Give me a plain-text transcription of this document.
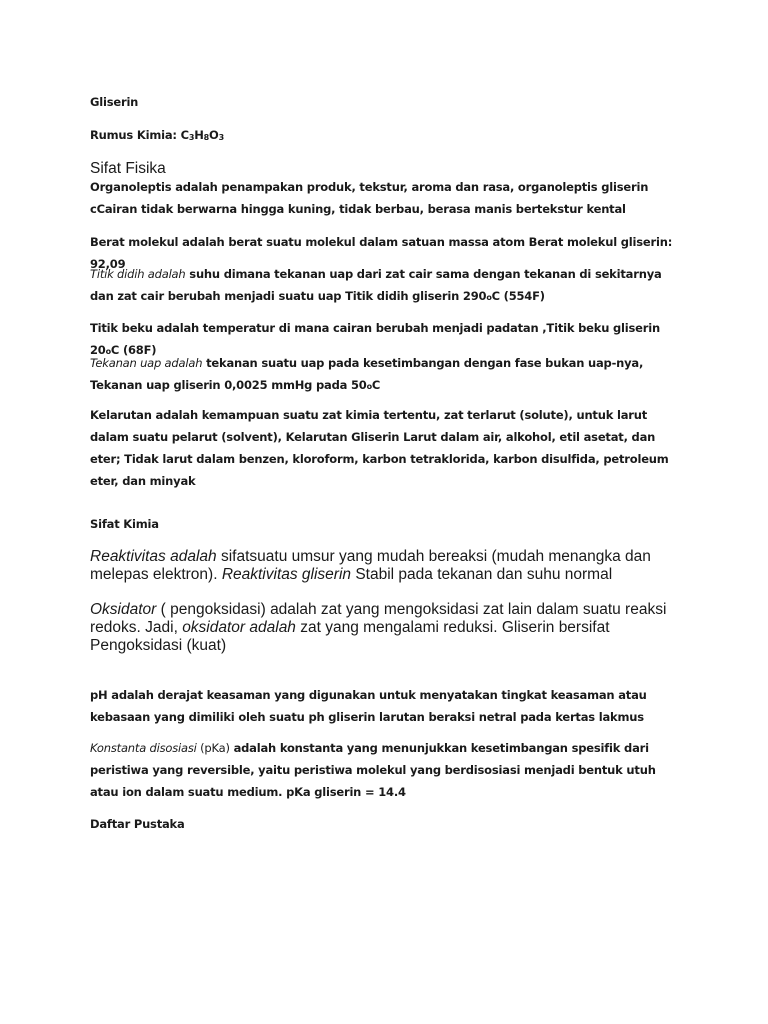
Gliserin

Rumus Kimia: $C_3H_8O_3$

Sifat Fisika

Organoleptis adalah penampakan produk, tekstur, aroma dan rasa, organoleptis gliserin cCairan tidak berwarna hingga kuning, tidak berbau, berasa manis bertekstur kental

Berat molekul adalah berat suatu molekul dalam satuan massa atom Berat molekul gliserin: 92,09

Titik didih adalah suhu dimana tekanan uap dari zat cair sama dengan tekanan di sekitarnya dan zat cair berubah menjadi suatu uap Titik didih gliserin 290oC (554F)

Titik beku adalah temperatur di mana cairan berubah menjadi padatan ,Titik beku gliserin 20oC (68F)

Tekanan uap adalah tekanan suatu uap pada kesetimbangan dengan fase bukan uap-nya, Tekanan uap gliserin 0,0025 mmHg pada 50oC

Kelarutan adalah kemampuan suatu zat kimia tertentu, zat terlarut (solute), untuk larut dalam suatu pelarut (solvent), Kelarutan Gliserin Larut dalam air, alkohol, etil asetat, dan eter; Tidak larut dalam benzen, kloroform, karbon tetraklorida, karbon disulfida, petroleum eter, dan minyak

Sifat Kimia

Reaktivitas adalah sifatsuatu umsur yang mudah bereaksi (mudah menangka dan melepas elektron). Reaktivitas gliserin Stabil pada tekanan dan suhu normal

Oksidator ( pengoksidasi) adalah zat yang mengoksidasi zat lain dalam suatu reaksi redoks. Jadi, oksidator adalah zat yang mengalami reduksi. Gliserin bersifat Pengoksidasi (kuat)

pH adalah derajat keasaman yang digunakan untuk menyatakan tingkat keasaman atau kebasaan yang dimiliki oleh suatu ph gliserin larutan beraksi netral pada kertas lakmus

Konstanta disosiasi (pKa) adalah konstanta yang menunjukkan kesetimbangan spesifik dari peristiwa yang reversible, yaitu peristiwa molekul yang berdisosiasi menjadi bentuk utuh atau ion dalam suatu medium. pKa gliserin = 14.4

Daftar Pustaka
